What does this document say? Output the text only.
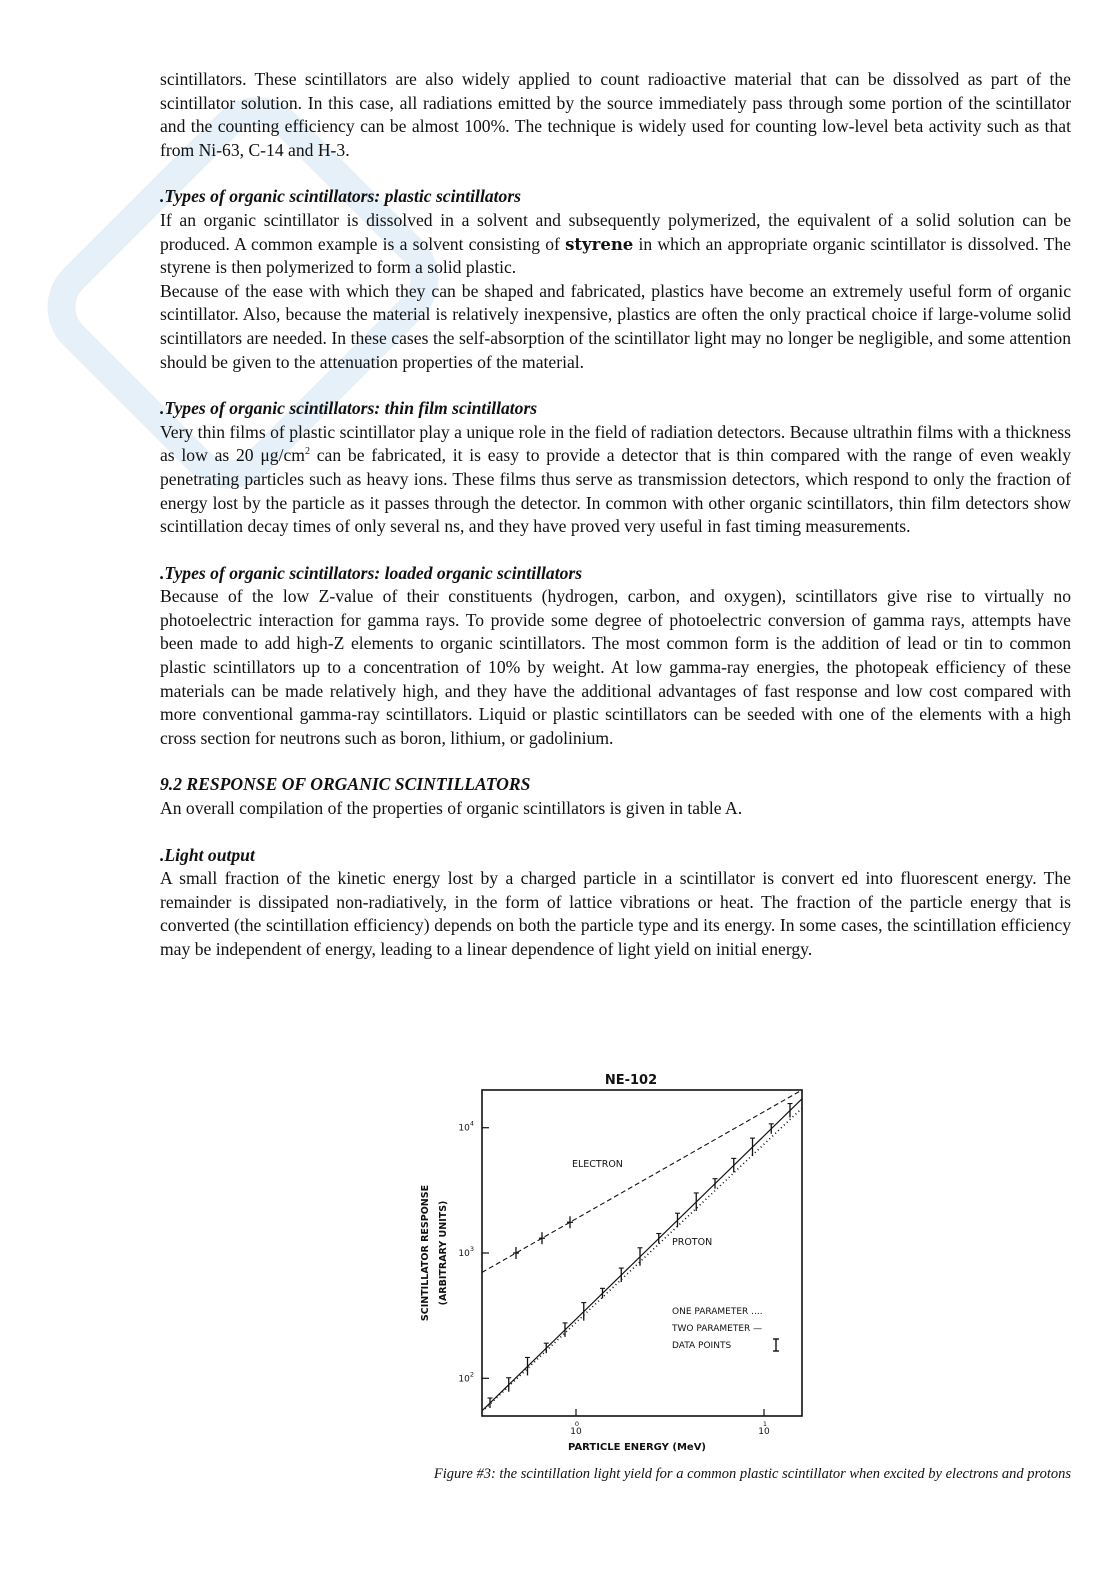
scintillators. These scintillators are also widely applied to count radioactive material that can be dissolved as part of the scintillator solution. In this case, all radiations emitted by the source immediately pass through some portion of the scintillator and the counting efficiency can be almost 100%. The technique is widely used for counting low-level beta activity such as that from Ni-63, C-14 and H-3.

.Types of organic scintillators: plastic scintillators

If an organic scintillator is dissolved in a solvent and subsequently polymerized, the equivalent of a solid solution can be produced. A common example is a solvent consisting of styrene in which an appropriate organic scintillator is dissolved. The styrene is then polymerized to form a solid plastic.

Because of the ease with which they can be shaped and fabricated, plastics have become an extremely useful form of organic scintillator. Also, because the material is relatively inexpensive, plastics are often the only practical choice if large-volume solid scintillators are needed. In these cases the self-absorption of the scintillator light may no longer be negligible, and some attention should be given to the attenuation properties of the material.

.Types of organic scintillators: thin film scintillators

Very thin films of plastic scintillator play a unique role in the field of radiation detectors. Because ultrathin films with a thickness as low as 20 $\mu g/cm^2$ can be fabricated, it is easy to provide a detector that is thin compared with the range of even weakly penetrating particles such as heavy ions. These films thus serve as transmission detectors, which respond to only the fraction of energy lost by the particle as it passes through the detector. In common with other organic scintillators, thin film detectors show scintillation decay times of only several ns, and they have proved very useful in fast timing measurements.

.Types of organic scintillators: loaded organic scintillators

Because of the low Z-value of their constituents (hydrogen, carbon, and oxygen), scintillators give rise to virtually no photoelectric interaction for gamma rays. To provide some degree of photoelectric conversion of gamma rays, attempts have been made to add high-Z elements to organic scintillators. The most common form is the addition of lead or tin to common plastic scintillators up to a concentration of 10% by weight. At low gamma-ray energies, the photopeak efficiency of these materials can be made relatively high, and they have the additional advantages of fast response and low cost compared with more conventional gamma-ray scintillators. Liquid or plastic scintillators can be seeded with one of the elements with a high cross section for neutrons such as boron, lithium, or gadolinium.

9.2 RESPONSE OF ORGANIC SCINTILLATORS

An overall compilation of the properties of organic scintillators is given in table A.

.Light output

A small fraction of the kinetic energy lost by a charged particle in a scintillator is convert ed into fluorescent energy. The remainder is dissipated non-radiatively, in the form of lattice vibrations or heat. The fraction of the particle energy that is converted (the scintillation efficiency) depends on both the particle type and its energy. In some cases, the scintillation efficiency may be independent of energy, leading to a linear dependence of light yield on initial energy.

NE-102
$10^2$
$10^3$
$10^4$
10
0
10
1
ELECTRON
PROTON
ONE PARAMETER ....
TWO PARAMETER —
DATA POINTS
PARTICLE ENERGY (MeV)
SCINTILLATOR RESPONSE (ARBITRARY UNITS)
Figure #3: the scintillation light yield for a common plastic scintillator when excited by electrons and protons
